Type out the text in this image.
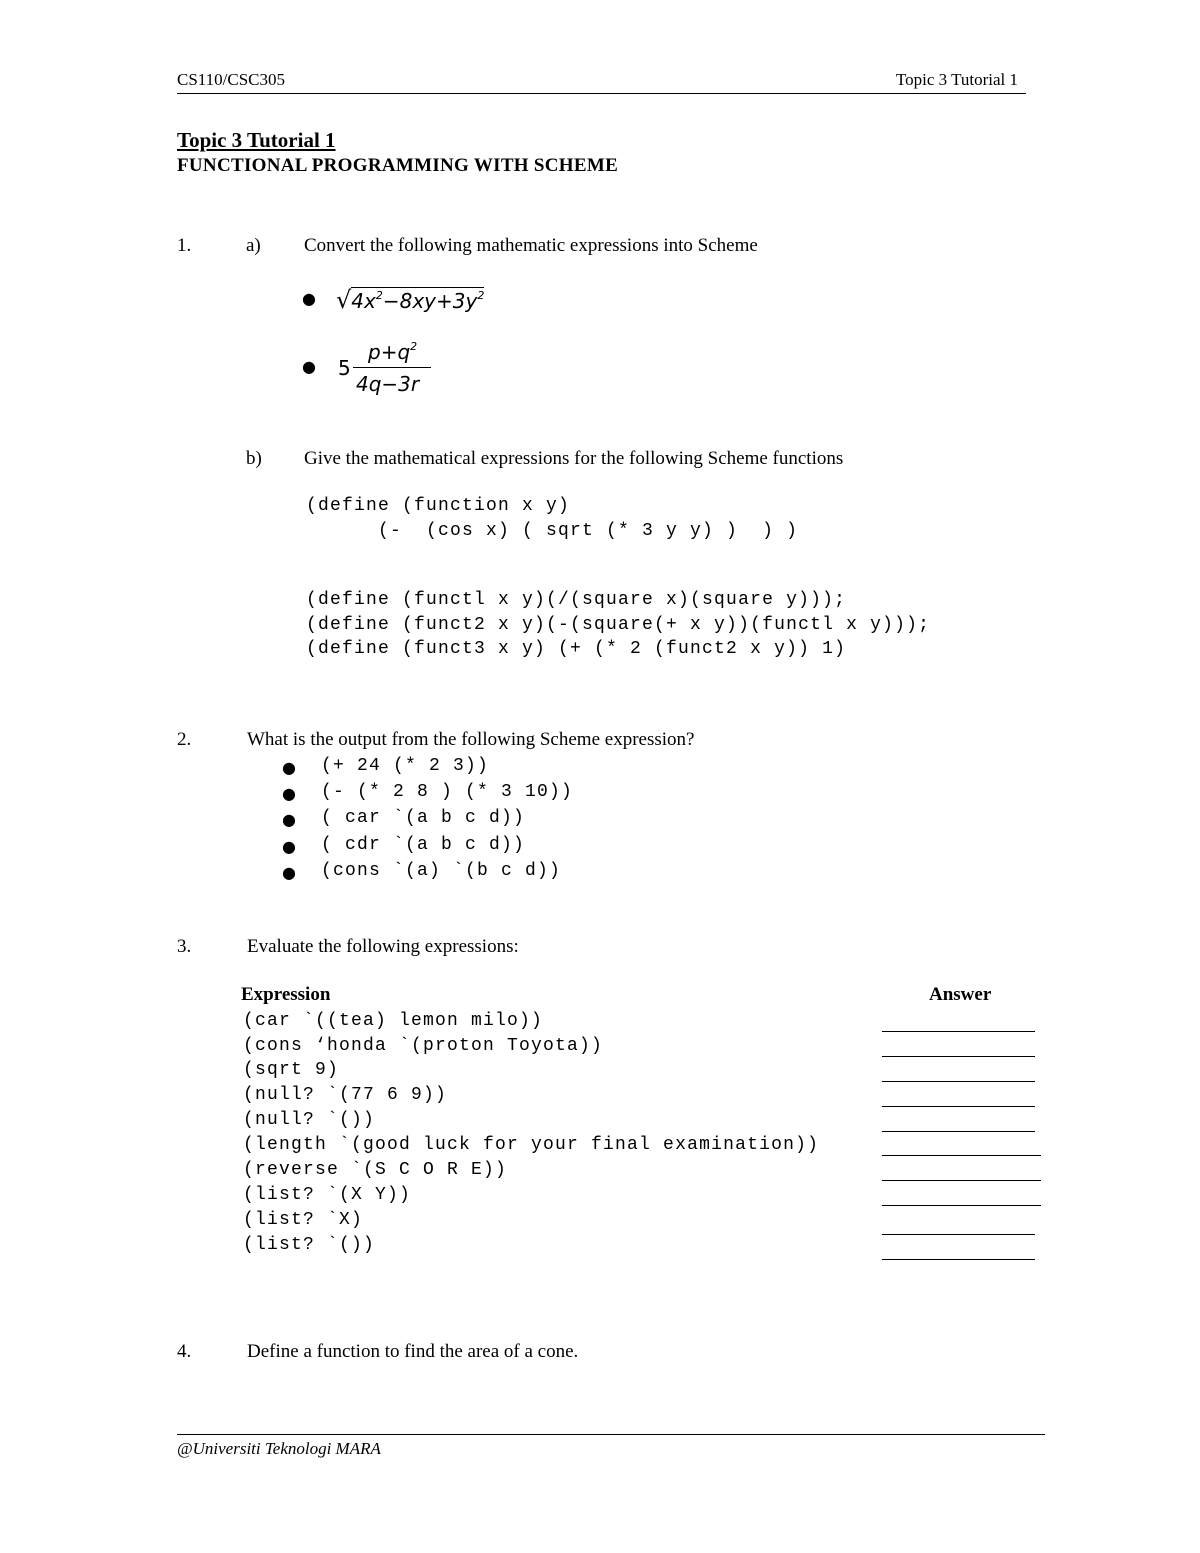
CS110/CSC305	Topic 3 Tutorial 1
Topic 3 Tutorial 1
FUNCTIONAL PROGRAMMING WITH SCHEME
1.	a) Convert the following mathematic expressions into Scheme
● $√4x^2-8xy+3y^2$
● 5
$p+q^2$
4q−3r
b) Give the mathematical expressions for the following Scheme functions
(define (function x y)
(-  (cos x) ( sqrt (* 3 y y) )  ) )
(define (functl x y)(/(square x)(square y)));
(define (funct2 x y)(-(square(+ x y))(functl x y)));
(define (funct3 x y) (+ (* 2 (funct2 x y)) 1)
2.	What is the output from the following Scheme expression?
● (+ 24 (* 2 3))
● (- (* 2 8 ) (* 3 10))
● ( car `(a b c d))
● ( cdr `(a b c d))
● (cons `(a) `(b c d))
3.	Evaluate the following expressions:
Expression	Answer
(car `((tea) lemon milo))
(cons ‘honda `(proton Toyota))
(sqrt 9)
(null? `(77 6 9))
(null? `())
(length `(good luck for your final examination))
(reverse `(S C O R E))
(list? `(X Y))
(list? `X)
(list? `())
4.	Define a function to find the area of a cone.
@Universiti Teknologi MARA
